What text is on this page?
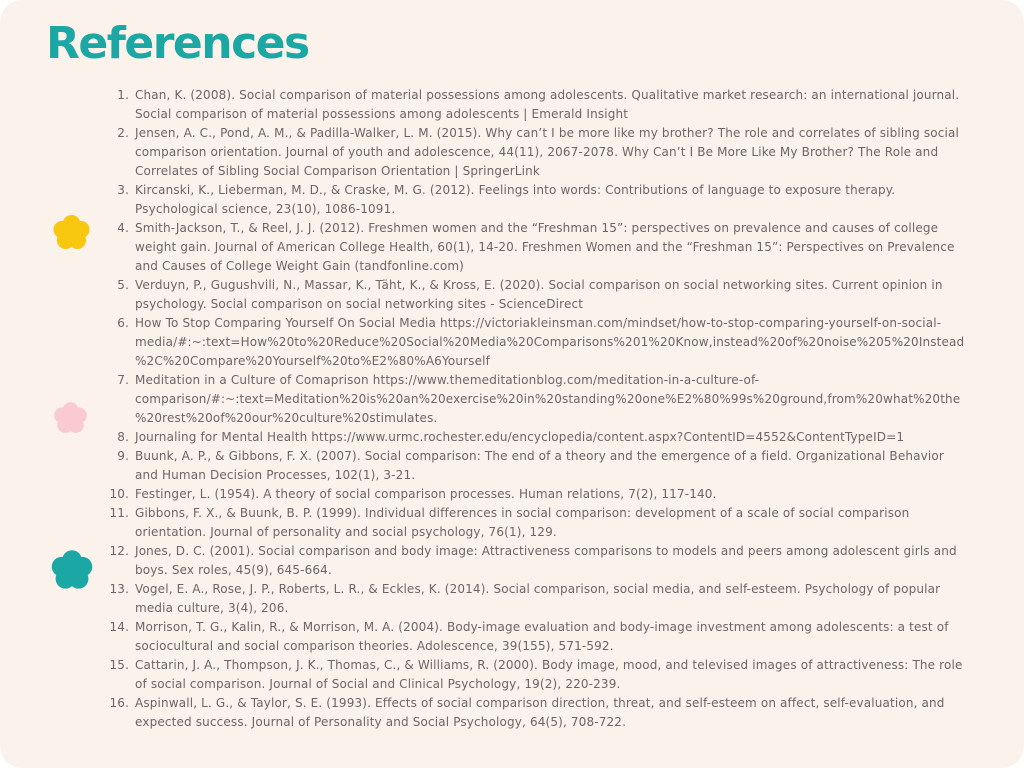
References
1. Chan, K. (2008). Social comparison of material possessions among adolescents. Qualitative market research: an international journal. Social comparison of material possessions among adolescents | Emerald Insight
2. Jensen, A. C., Pond, A. M., & Padilla-Walker, L. M. (2015). Why can’t I be more like my brother? The role and correlates of sibling social comparison orientation. Journal of youth and adolescence, 44(11), 2067-2078. Why Can’t I Be More Like My Brother? The Role and Correlates of Sibling Social Comparison Orientation | SpringerLink
3. Kircanski, K., Lieberman, M. D., & Craske, M. G. (2012). Feelings into words: Contributions of language to exposure therapy. Psychological science, 23(10), 1086-1091.
4. Smith-Jackson, T., & Reel, J. J. (2012). Freshmen women and the “Freshman 15”: perspectives on prevalence and causes of college weight gain. Journal of American College Health, 60(1), 14-20. Freshmen Women and the “Freshman 15”: Perspectives on Prevalence and Causes of College Weight Gain (tandfonline.com)
5. Verduyn, P., Gugushvili, N., Massar, K., Täht, K., & Kross, E. (2020). Social comparison on social networking sites. Current opinion in psychology. Social comparison on social networking sites - ScienceDirect
6. How To Stop Comparing Yourself On Social Media https://victoriakleinsman.com/mindset/how-to-stop-comparing-yourself-on-social-media/#:~:text=How%20to%20Reduce%20Social%20Media%20Comparisons%201%20Know,instead%20of%20noise%205%20Instead%2C%20Compare%20Yourself%20to%E2%80%A6Yourself
7. Meditation in a Culture of Comaprison https://www.themeditationblog.com/meditation-in-a-culture-of-comparison/#:~:text=Meditation%20is%20an%20exercise%20in%20standing%20one%E2%80%99s%20ground,from%20what%20the%20rest%20of%20our%20culture%20stimulates.
8. Journaling for Mental Health https://www.urmc.rochester.edu/encyclopedia/content.aspx?ContentID=4552&ContentTypeID=1
9. Buunk, A. P., & Gibbons, F. X. (2007). Social comparison: The end of a theory and the emergence of a field. Organizational Behavior and Human Decision Processes, 102(1), 3-21.
10. Festinger, L. (1954). A theory of social comparison processes. Human relations, 7(2), 117-140.
11. Gibbons, F. X., & Buunk, B. P. (1999). Individual differences in social comparison: development of a scale of social comparison orientation. Journal of personality and social psychology, 76(1), 129.
12. Jones, D. C. (2001). Social comparison and body image: Attractiveness comparisons to models and peers among adolescent girls and boys. Sex roles, 45(9), 645-664.
13. Vogel, E. A., Rose, J. P., Roberts, L. R., & Eckles, K. (2014). Social comparison, social media, and self-esteem. Psychology of popular media culture, 3(4), 206.
14. Morrison, T. G., Kalin, R., & Morrison, M. A. (2004). Body-image evaluation and body-image investment among adolescents: a test of sociocultural and social comparison theories. Adolescence, 39(155), 571-592.
15. Cattarin, J. A., Thompson, J. K., Thomas, C., & Williams, R. (2000). Body image, mood, and televised images of attractiveness: The role of social comparison. Journal of Social and Clinical Psychology, 19(2), 220-239.
16. Aspinwall, L. G., & Taylor, S. E. (1993). Effects of social comparison direction, threat, and self-esteem on affect, self-evaluation, and expected success. Journal of Personality and Social Psychology, 64(5), 708-722.
